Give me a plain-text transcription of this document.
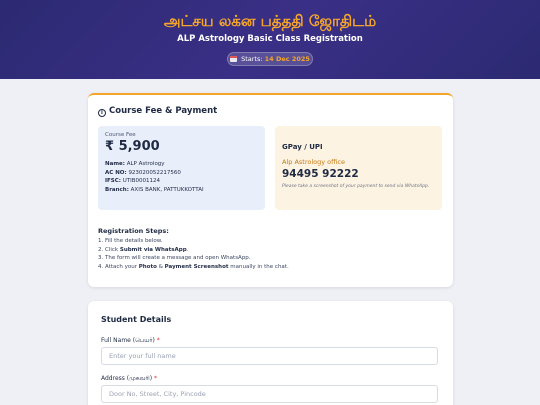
அட்சய லக்ன பத்ததி ஜோதிடம்
ALP Astrology Basic Class Registration
Starts: 14 Dec 2025
i Course Fee & Payment
Course Fee
₹ 5,900
Name: ALP Astrology
AC NO: 923020052217560
IFSC: UTIB0001124
Branch: AXIS BANK, PATTUKKOTTAI
GPay / UPI
Alp Astrology office
94495 92222
Please take a screenshot of your payment to send via WhatsApp.
Registration Steps:
1. Fill the details below.
2. Click Submit via WhatsApp.
3. The form will create a message and open WhatsApp.
4. Attach your Photo & Payment Screenshot manually in the chat.
Student Details
Full Name (பெயர்) *
Enter your full name
Address (முகவரி) *
Door No, Street, City, Pincode
